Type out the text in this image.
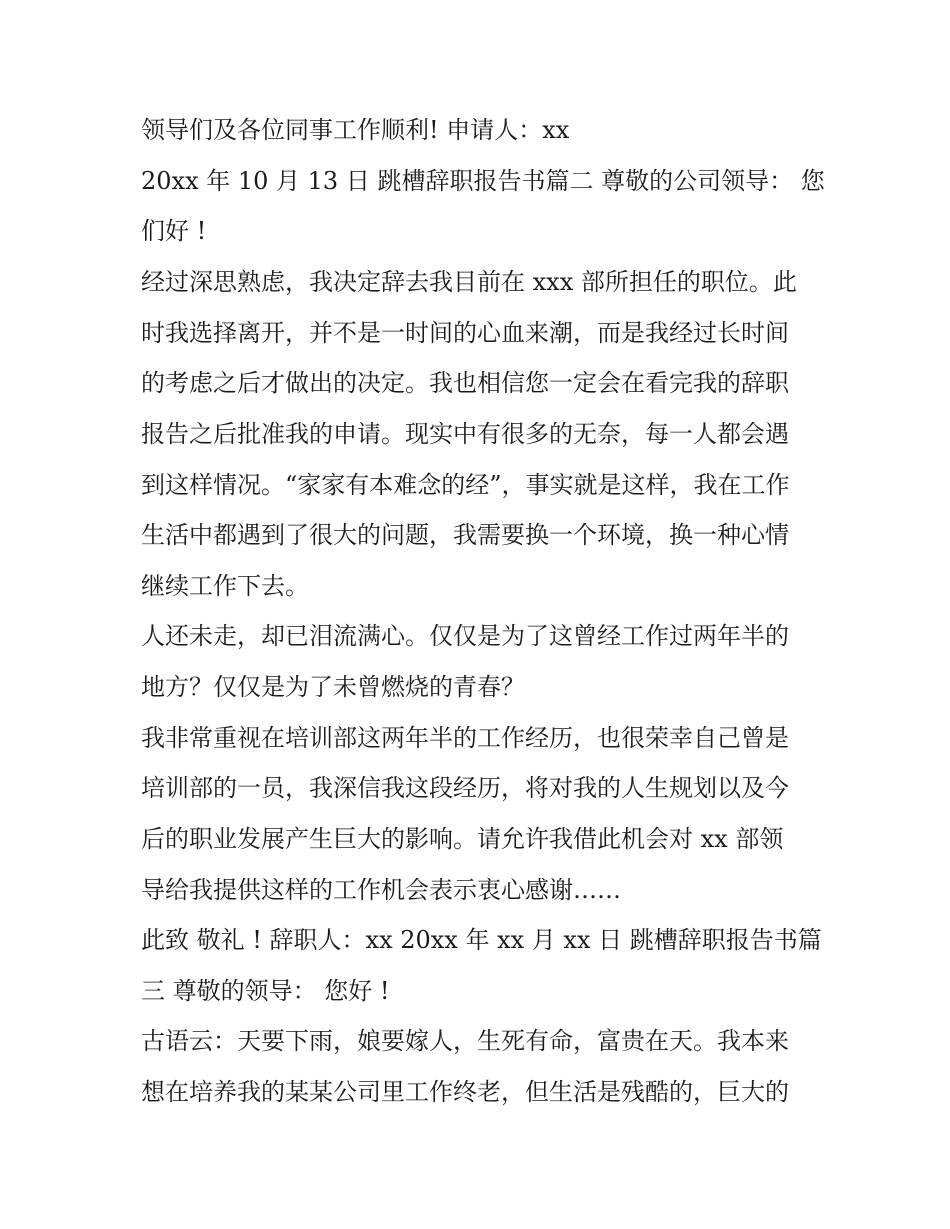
领导们及各位同事工作顺利! 申请人：xx
20xx 年 10 月 13 日 跳槽辞职报告书篇二 尊敬的公司领导： 您
们好 !
经过深思熟虑，我决定辞去我目前在 xxx 部所担任的职位。此
时我选择离开，并不是一时间的心血来潮，而是我经过长时间
的考虑之后才做出的决定。我也相信您一定会在看完我的辞职
报告之后批准我的申请。现实中有很多的无奈，每一人都会遇
到这样情况。“家家有本难念的经”，事实就是这样，我在工作
生活中都遇到了很大的问题，我需要换一个环境，换一种心情
继续工作下去。
人还未走，却已泪流满心。仅仅是为了这曾经工作过两年半的
地方？仅仅是为了未曾燃烧的青春？
我非常重视在培训部这两年半的工作经历，也很荣幸自己曾是
培训部的一员，我深信我这段经历，将对我的人生规划以及今
后的职业发展产生巨大的影响。请允许我借此机会对 xx 部领
导给我提供这样的工作机会表示衷心感谢……
此致 敬礼 ! 辞职人：xx 20xx 年 xx 月 xx 日 跳槽辞职报告书篇
三 尊敬的领导： 您好 !
古语云：天要下雨，娘要嫁人，生死有命，富贵在天。我本来
想在培养我的某某公司里工作终老，但生活是残酷的，巨大的
